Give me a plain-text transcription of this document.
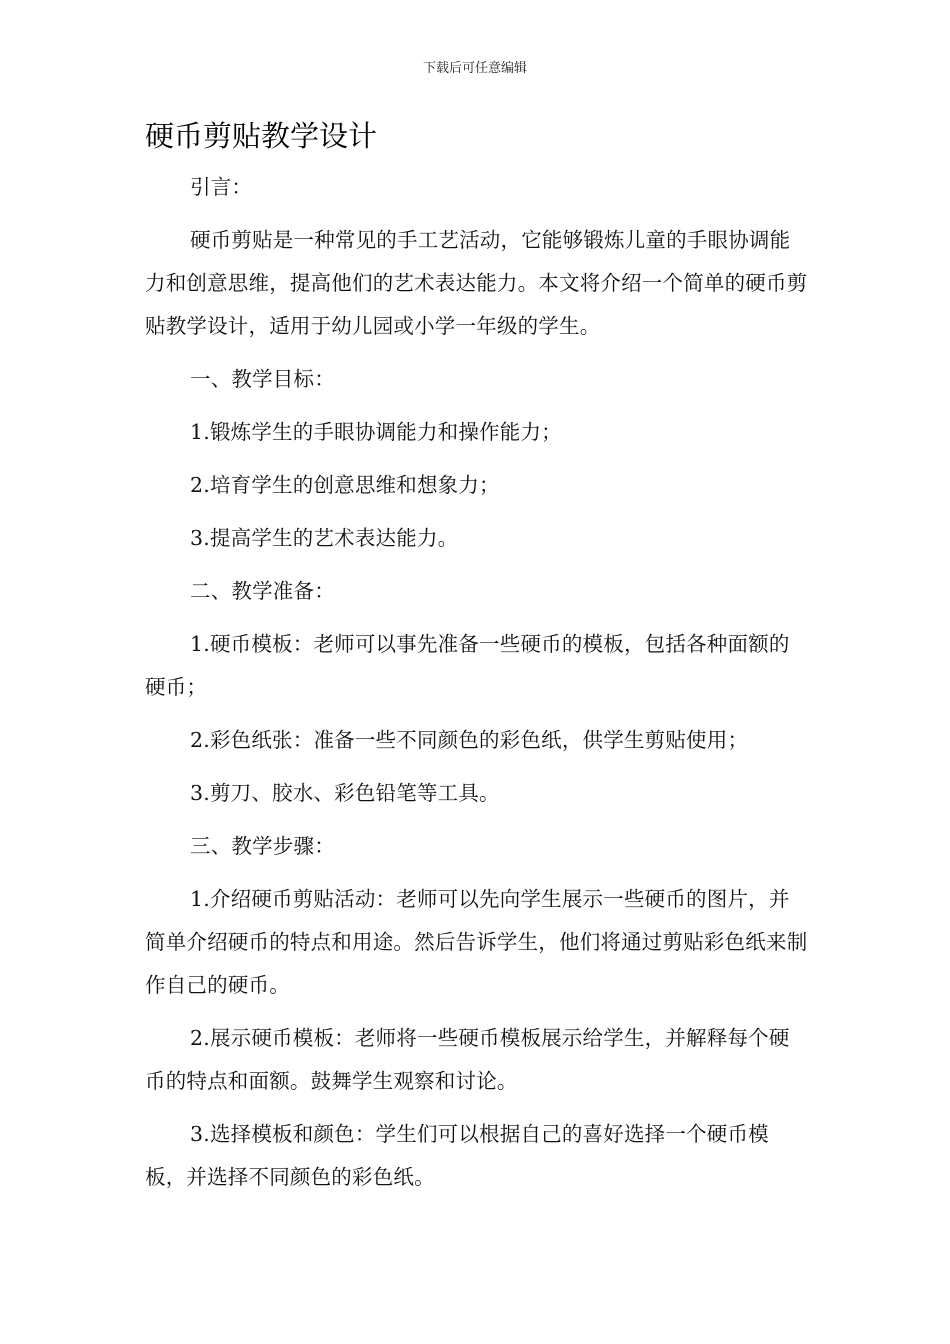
下载后可任意编辑
硬币剪贴教学设计

引言：

硬币剪贴是一种常见的手工艺活动，它能够锻炼儿童的手眼协调能力和创意思维，提高他们的艺术表达能力。本文将介绍一个简单的硬币剪贴教学设计，适用于幼儿园或小学一年级的学生。

一、教学目标：

1.锻炼学生的手眼协调能力和操作能力；

2.培育学生的创意思维和想象力；

3.提高学生的艺术表达能力。

二、教学准备：

1.硬币模板：老师可以事先准备一些硬币的模板，包括各种面额的硬币；

2.彩色纸张：准备一些不同颜色的彩色纸，供学生剪贴使用；

3.剪刀、胶水、彩色铅笔等工具。

三、教学步骤：

1.介绍硬币剪贴活动：老师可以先向学生展示一些硬币的图片，并简单介绍硬币的特点和用途。然后告诉学生，他们将通过剪贴彩色纸来制作自己的硬币。

2.展示硬币模板：老师将一些硬币模板展示给学生，并解释每个硬币的特点和面额。鼓舞学生观察和讨论。

3.选择模板和颜色：学生们可以根据自己的喜好选择一个硬币模板，并选择不同颜色的彩色纸。
